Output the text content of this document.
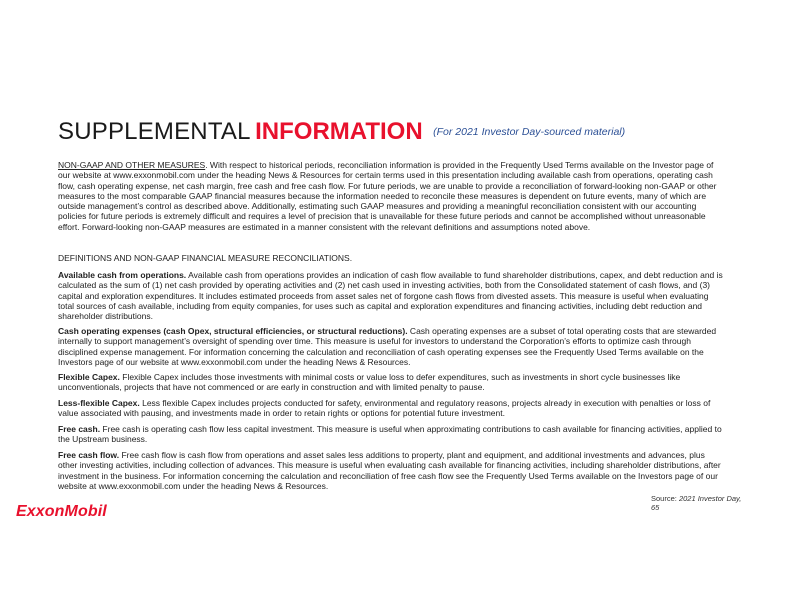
SUPPLEMENTAL INFORMATION $^{(For 2021 Investor Day-sourced material)}$
NON-GAAP AND OTHER MEASURES. With respect to historical periods, reconciliation information is provided in the Frequently Used Terms available on the Investor page of our website at www.exxonmobil.com under the heading News & Resources for certain terms used in this presentation including available cash from operations, operating cash flow, cash operating expense, net cash margin, free cash and free cash flow. For future periods, we are unable to provide a reconciliation of forward-looking non-GAAP or other measures to the most comparable GAAP financial measures because the information needed to reconcile these measures is dependent on future events, many of which are outside management’s control as described above. Additionally, estimating such GAAP measures and providing a meaningful reconciliation consistent with our accounting policies for future periods is extremely difficult and requires a level of precision that is unavailable for these future periods and cannot be accomplished without unreasonable effort. Forward-looking non-GAAP measures are estimated in a manner consistent with the relevant definitions and assumptions noted above.
DEFINITIONS AND NON-GAAP FINANCIAL MEASURE RECONCILIATIONS.
Available cash from operations. Available cash from operations provides an indication of cash flow available to fund shareholder distributions, capex, and debt reduction and is calculated as the sum of (1) net cash provided by operating activities and (2) net cash used in investing activities, both from the Consolidated statement of cash flows, and (3) capital and exploration expenditures. It includes estimated proceeds from asset sales net of forgone cash flows from divested assets. This measure is useful when evaluating total sources of cash available, including from equity companies, for uses such as capital and exploration expenditures and financing activities, including debt reduction and shareholder distributions.
Cash operating expenses (cash Opex, structural efficiencies, or structural reductions). Cash operating expenses are a subset of total operating costs that are stewarded internally to support management’s oversight of spending over time. This measure is useful for investors to understand the Corporation’s efforts to optimize cash through disciplined expense management. For information concerning the calculation and reconciliation of cash operating expenses see the Frequently Used Terms available on the Investors page of our website at www.exxonmobil.com under the heading News & Resources.
Flexible Capex. Flexible Capex includes those investments with minimal costs or value loss to defer expenditures, such as investments in short cycle businesses like unconventionals, projects that have not commenced or are early in construction and with limited penalty to pause.
Less-flexible Capex. Less flexible Capex includes projects conducted for safety, environmental and regulatory reasons, projects already in execution with penalties or loss of value associated with pausing, and investments made in order to retain rights or options for potential future investment.
Free cash. Free cash is operating cash flow less capital investment. This measure is useful when approximating contributions to cash available for financing activities, applied to the Upstream business.
Free cash flow. Free cash flow is cash flow from operations and asset sales less additions to property, plant and equipment, and additional investments and advances, plus other investing activities, including collection of advances. This measure is useful when evaluating cash available for financing activities, including shareholder distributions, after investment in the business. For information concerning the calculation and reconciliation of free cash flow see the Frequently Used Terms available on the Investors page of our website at www.exxonmobil.com under the heading News & Resources.
ExxonMobil
Source: 2021 Investor Day,
65
